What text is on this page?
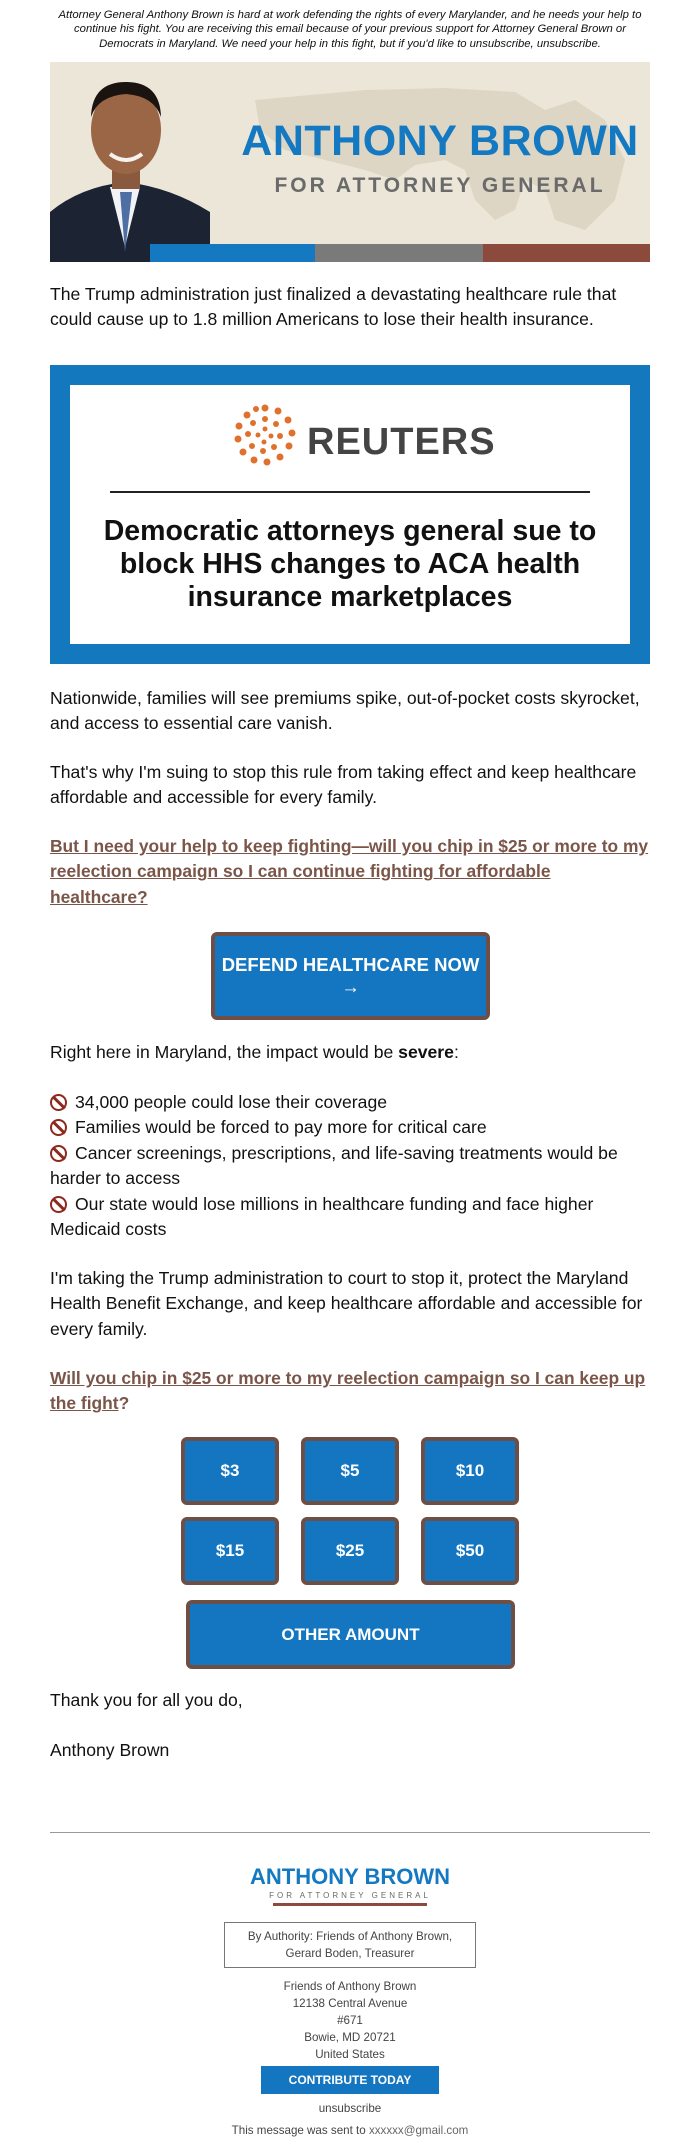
Attorney General Anthony Brown is hard at work defending the rights of every Marylander, and he needs your help to continue his fight. You are receiving this email because of your previous support for Attorney General Brown or Democrats in Maryland. We need your help in this fight, but if you'd like to unsubscribe, unsubscribe.
ANTHONY BROWN
FOR ATTORNEY GENERAL

The Trump administration just finalized a devastating healthcare rule that could cause up to 1.8 million Americans to lose their health insurance.

REUTERS
Democratic attorneys general sue to block HHS changes to ACA health insurance marketplaces

Nationwide, families will see premiums spike, out-of-pocket costs skyrocket, and access to essential care vanish.

That's why I'm suing to stop this rule from taking effect and keep healthcare affordable and accessible for every family.

But I need your help to keep fighting—will you chip in $25 or more to my reelection campaign so I can continue fighting for affordable healthcare?

DEFEND HEALTHCARE NOW →

Right here in Maryland, the impact would be severe:

34,000 people could lose their coverage
Families would be forced to pay more for critical care
Cancer screenings, prescriptions, and life-saving treatments would be harder to access
Our state would lose millions in healthcare funding and face higher Medicaid costs

I'm taking the Trump administration to court to stop it, protect the Maryland Health Benefit Exchange, and keep healthcare affordable and accessible for every family.

Will you chip in $25 or more to my reelection campaign so I can keep up the fight?

$3	$5	$10
$15	$25	$50
OTHER AMOUNT

Thank you for all you do,

Anthony Brown

ANTHONY BROWN
FOR ATTORNEY GENERAL
By Authority: Friends of Anthony Brown,
Gerard Boden, Treasurer
Friends of Anthony Brown
12138 Central Avenue
#671
Bowie, MD 20721
United States
CONTRIBUTE TODAY
unsubscribe
This message was sent to xxxxxx@gmail.com
